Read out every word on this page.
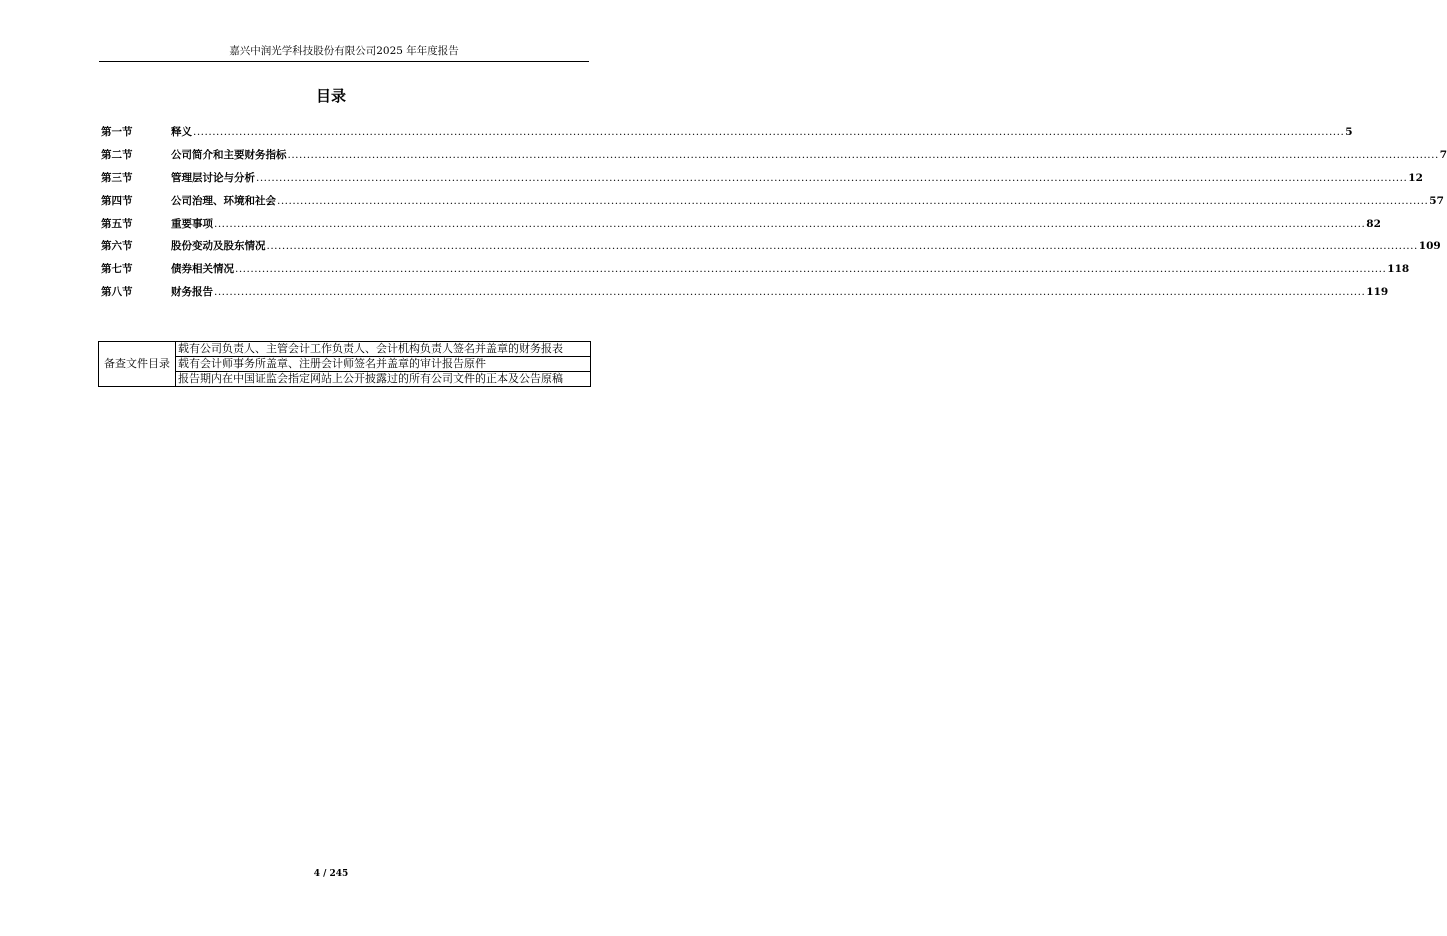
嘉兴中润光学科技股份有限公司2025 年年度报告
目录
第一节	释义 ............................................................................................................................................................................................................................................................................................................ 5
第二节	公司简介和主要财务指标 ............................................................................................................................................................................................................................................................................................................ 7
第三节	管理层讨论与分析 ............................................................................................................................................................................................................................................................................................................ 12
第四节	公司治理、环境和社会 ............................................................................................................................................................................................................................................................................................................ 57
第五节	重要事项 ............................................................................................................................................................................................................................................................................................................ 82
第六节	股份变动及股东情况 ............................................................................................................................................................................................................................................................................................................ 109
第七节	债券相关情况 ............................................................................................................................................................................................................................................................................................................ 118
第八节	财务报告 ............................................................................................................................................................................................................................................................................................................ 119
备查文件目录	载有公司负责人、主管会计工作负责人、会计机构负责人签名并盖章的财务报表
载有会计师事务所盖章、注册会计师签名并盖章的审计报告原件
报告期内在中国证监会指定网站上公开披露过的所有公司文件的正本及公告原稿
4 / 245
